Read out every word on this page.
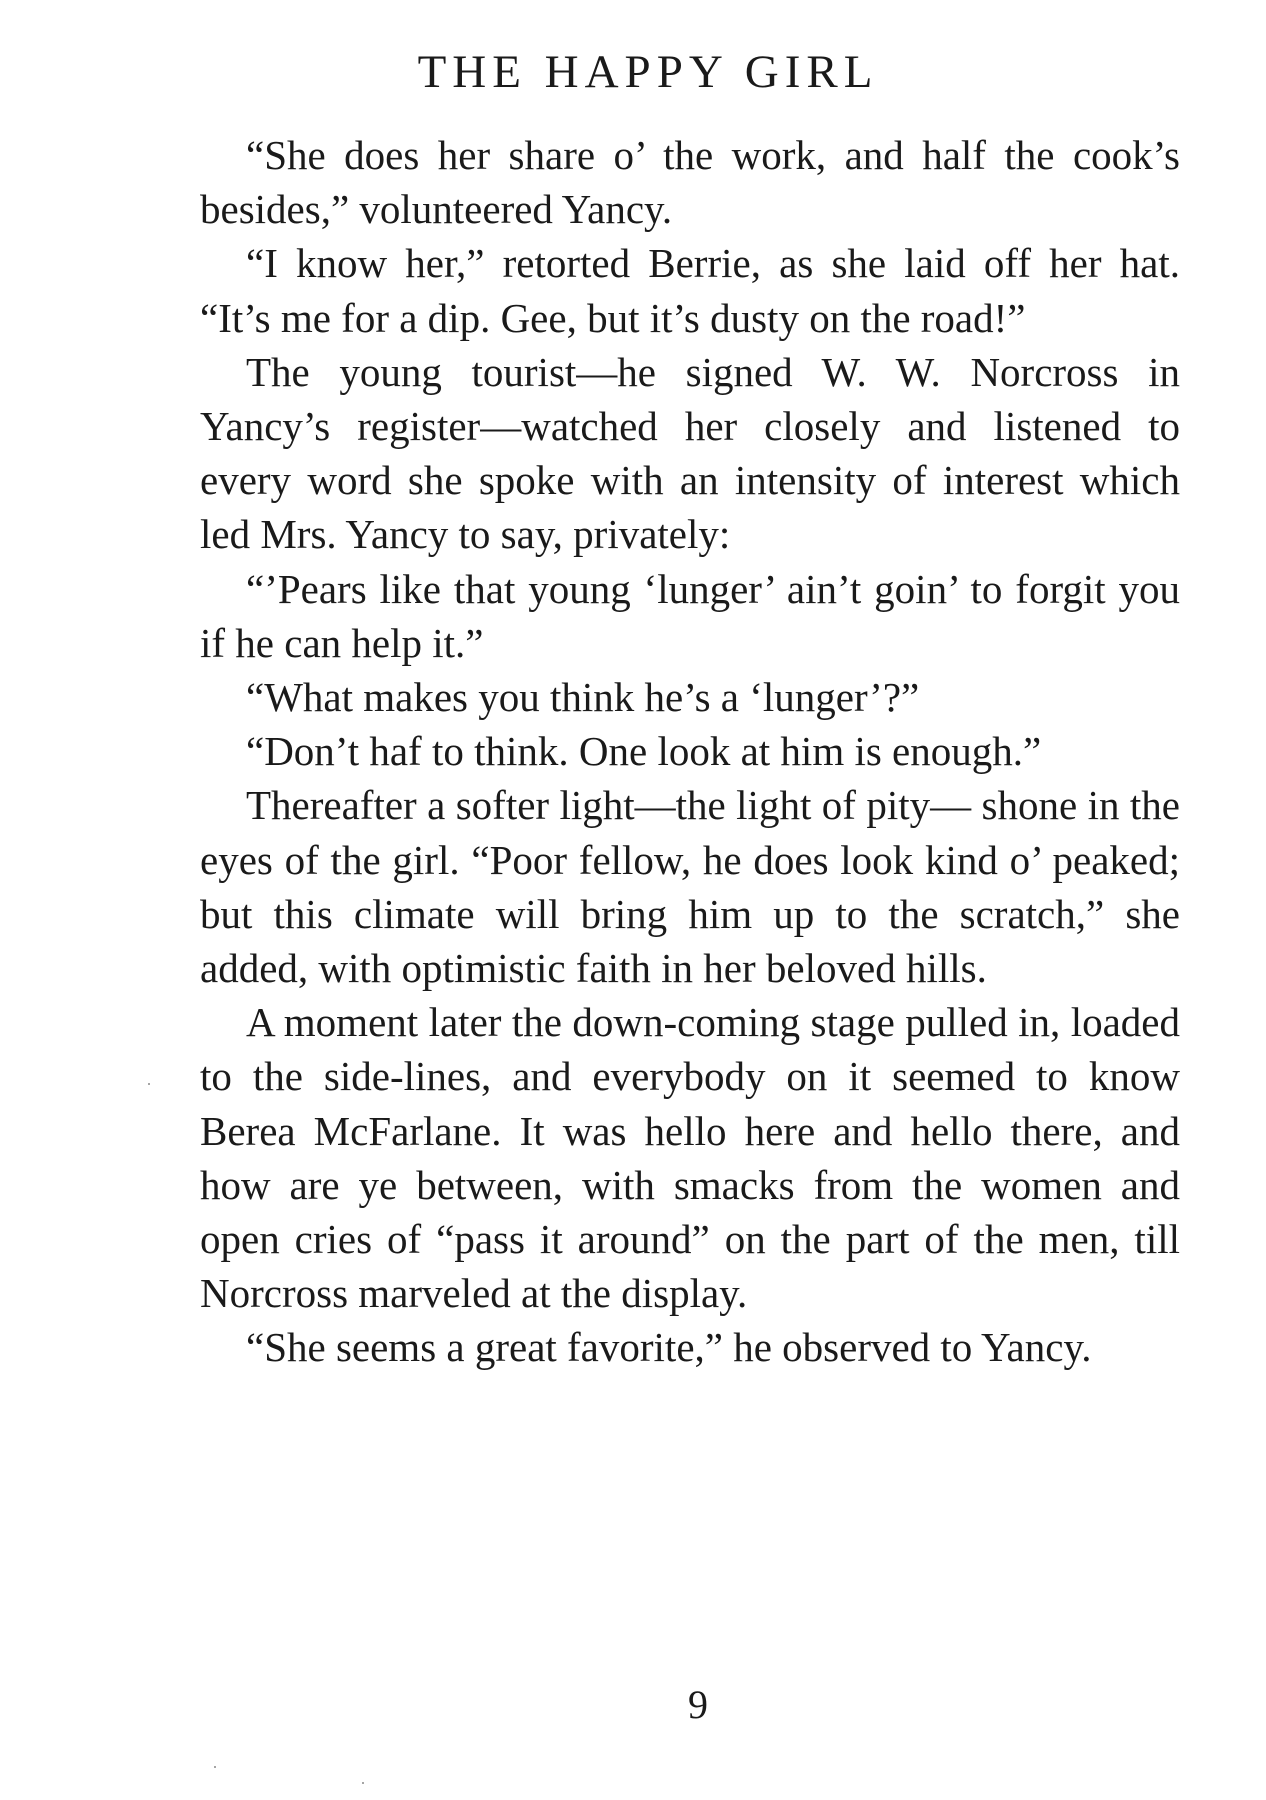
THE HAPPY GIRL

“She does her share o’ the work, and half the cook’s besides,” volunteered Yancy.

“I know her,” retorted Berrie, as she laid off her hat. “It’s me for a dip. Gee, but it’s dusty on the road!”

The young tourist—he signed W. W. Norcross in Yancy’s register—watched her closely and listened to every word she spoke with an intensity of interest which led Mrs. Yancy to say, privately:

“’Pears like that young ‘lunger’ ain’t goin’ to forgit you if he can help it.”

“What makes you think he’s a ‘lunger’?”

“Don’t haf to think. One look at him is enough.”

Thereafter a softer light—the light of pity— shone in the eyes of the girl. “Poor fellow, he does look kind o’ peaked; but this climate will bring him up to the scratch,” she added, with optimistic faith in her beloved hills.

A moment later the down-coming stage pulled in, loaded to the side-lines, and everybody on it seemed to know Berea McFarlane. It was hello here and hello there, and how are ye between, with smacks from the women and open cries of “pass it around” on the part of the men, till Norcross marveled at the display.

“She seems a great favorite,” he observed to Yancy.

9
